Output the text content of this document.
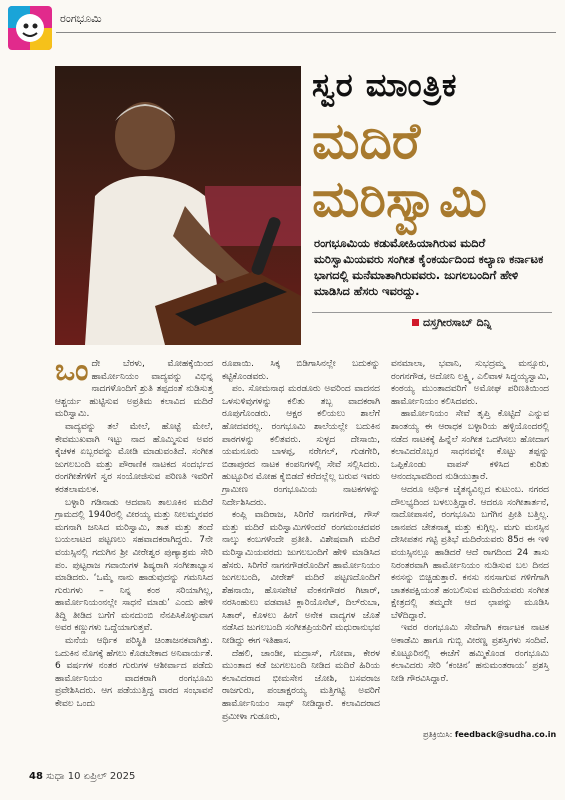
ರಂಗಭೂಮಿ
ಸ್ವರ ಮಾಂತ್ರಿಕ
ಮದಿರೆ
ಮರಿಸ್ವಾಮಿ
ರಂಗಭೂಮಿಯ ಕಡುಮೋಹಿಯಾಗಿರುವ ಮದಿರೆ ಮರಿಸ್ವಾಮಿಯವರು ಸಂಗೀತ ಕೈಂಕರ್ಯದಿಂದ ಕಲ್ಯಾಣ ಕರ್ನಾಟಕ ಭಾಗದಲ್ಲಿ ಮನೆಮಾತಾಗಿರುವವರು. ಜುಗಲಬಂದಿಗೆ ಹೇಳಿ ಮಾಡಿಸಿದ ಹೆಸರು ಇವರದ್ದು.
ದಸ್ತಗೀರಸಾಬ್ ದಿನ್ನಿ

ಒಂದೇ ಬೆರಳು, ಮೋಹಕ್ಕೆಯಿಂದ ಹಾರ್ಮೋನಿಯಂ ವಾದ್ಯವನ್ನು ವಿಭಿನ್ನ ನಾದಗಳೊಂದಿಗೆ ಶ್ರುತಿ ತಪ್ಪದಂತೆ ನುಡಿಸುತ್ತ ಆಶ್ಚರ್ಯ ಹುಟ್ಟಿಸುವ ಅಪ್ರತಿಮ ಕಲಾವಿದ ಮದಿರೆ ಮರಿಸ್ವಾಮಿ.

ವಾದ್ಯವನ್ನು ತಲೆ ಮೇಲೆ, ಹೊಟ್ಟೆ ಮೇಲೆ, ಕೇವಮುಖವಾಗಿ ಇಟ್ಟು ನಾದ ಹೊಮ್ಮಿಸುವ ಅವರ ಕೈಚಳಕ ಏಬ್ಬರವನ್ನು ಮೋಡಿ ಮಾಡುವಂತಿದೆ. ಸಂಗೀತ ಜುಗಲಬಂದಿ ಮತ್ತು ಪೌರಾಣಿಕ ನಾಟಕದ ಸಂದರ್ಭದ ರಂಗಗೀತೆಗಳಿಗೆ ಸ್ವರ ಸಂಯೋಜಿಸುವ ಪರಿಣತಿ ಇವರಿಗೆ ಕರತಲಾಮಲಕ.

ಬಳ್ಳಾರಿ ಗಡಿನಾಡು ಆದವಾನಿ ತಾಲೂಕಿನ ಮದಿರೆ ಗ್ರಾಮದಲ್ಲಿ 1940ರಲ್ಲಿ ವೀರಯ್ಯ ಮತ್ತು ನೀಲಮ್ಮನವರ ಮಗನಾಗಿ ಜನಿಸಿದ ಮರಿಸ್ವಾಮಿ, ತಾತ ಮತ್ತು ತಂದೆ ಬಯಲಾಟದ ಪಟ್ಟಣಲು ಸಹವಾದಕರಾಗಿದ್ದರು. 7ನೇ ವಯಸ್ಸಿನಲ್ಲಿ ಗದುಗಿನ ಶ್ರೀ ವೀರೇಶ್ವರ ಪುಣ್ಯಾಶ್ರಮ ಸೇರಿ ಪಂ. ಪುಟ್ಟರಾಜ ಗವಾಯಿಗಳ ಶಿಷ್ಯರಾಗಿ ಸಂಗೀತಾಭ್ಯಾಸ ಮಾಡಿದರು. ‘ಒಮ್ಮೆ ನಾನು ಹಾಡುವುದನ್ನು ಗಮನಿಸಿದ ಗುರುಗಳು – ನಿನ್ನ ಕಂಠ ಸರಿಯಾಗಿಲ್ಲ, ಹಾರ್ಮೋನಿಯಂನಲ್ಲೇ ಸಾಧನೆ ಮಾಡು’ ಎಂದು ಹೇಳಿ ತಿದ್ದಿ ತೀಡಿದ ಬಗೆಗೆ ಮನದುಂಬಿ ನೆನಪಿಸಿಕೊಳ್ಳುವಾಗ ಅವರ ಕಣ್ಣುಗಳು ಒದ್ದೆಯಾಗುತ್ತವೆ.

ಮನೆಯ ಆರ್ಥಿಕ ಪರಿಸ್ಥಿತಿ ಚಿಂತಾಜನಕವಾಗಿತ್ತು. ಒದುಕಿನ ನೊಗಕ್ಕೆ ಹೆಗಲು ಕೊಡಬೇಕಾದ ಅನಿವಾರ್ಯತೆ. 6 ವರ್ಷಗಳ ನಂತರ ಗುರುಗಳ ಆಶೀರ್ವಾದ ಪಡೆದು ಹಾರ್ಮೋನಿಯಂ ವಾದಕರಾಗಿ ರಂಗಭೂಮಿ ಪ್ರವೇಶಿಸಿದರು. ಆಗ ಪಡೆಯುತ್ತಿದ್ದ ವಾರದ ಸಂಭಾವನೆ ಕೇವಲ ಒಂದು

ರೂಪಾಯಿ. ಸಿಕ್ಕ ಬಿಡಿಗಾಸಿನಲ್ಲೇ ಬದುಕನ್ನು ಕಟ್ಟಿಕೊಂಡವರು.

ಪಂ. ಸೋಮನಾಥ ಮರಡೂರು ಅವರಿಂದ ವಾದನದ ಒಳಸುಳಿವುಗಳನ್ನು ಕಲಿತು ತಬ್ಬ ವಾದಕರಾಗಿ ರೂಪುಗೊಂಡರು. ಆಕ್ಷರ ಕಲಿಯಲು ಶಾಲೆಗೆ ಹೋದವರಲ್ಲ. ರಂಗಭೂಮಿ ಶಾಲೆಯಲ್ಲೇ ಬದುಕಿನ ಪಾಠಗಳನ್ನು ಕಲಿತವರು. ಸುಳ್ಳದ ದೇಸಾಯಿ, ಯಮನೂರು ಬಾಳಪ್ಪ, ನರೇಗಲ್, ಗುಡಗೇರಿ, ಬಿಡಾಪುರದ ನಾಟಕ ಕಂಪನಿಗಳಲ್ಲಿ ಸೇವೆ ಸಲ್ಲಿಸಿದರು. ಹುಟ್ಟೂರಿನ ಮೋಹ ಕೈಬಿಡದೆ ಕರೆದಲ್ಲೆಲ್ಲ ಬರುವ ಇವರು ಗ್ರಾಮೀಣ ರಂಗಭೂಮಿಯ ನಾಟಕಗಳನ್ನು ನಿರ್ದೇಶಿಸಿದರು.

ಕಂಪ್ಲಿ ವಾದಿರಾಜ, ಸಿರಿಗೆರೆ ನಾಗನಗೌಡ, ಗೌಸ್ ಮತ್ತು ಮದಿರೆ ಮರಿಸ್ವಾಮಿಗಳಿಂದರೆ ರಂಗಮಂಚದವರ ನಾಲ್ಕು ಕಂಬಗಳೆಂದೇ ಪ್ರತೀತಿ. ವಿಶೇಷವಾಗಿ ಮದಿರೆ ಮರಿಸ್ವಾಮಿಯವರದು ಜುಗಲಬಂದಿಗೆ ಹೇಳಿ ಮಾಡಿಸಿದ ಹೆಸರು. ಸಿರಿಗೆರೆ ನಾಗನಗೌಡರೊಂದಿಗೆ ಹಾರ್ಮೋನಿಯಂ ಜುಗಲಬಂದಿ, ವೀರೇಶ್ ಮದಿರೆ ಪಟ್ಟಣದೊಂದಿಗೆ ಶೆಹನಾಯಿ, ಹೊಸಪೇಟೆ ವೆಂಕನಗೌಡರ ಗಿಟಾರ್, ನರಸಿಂಹುಲು ವಡವಾಟಿ ಕ್ಲಾರಿಯೊನೆಟ್, ದಿಲ್‌ರುಬಾ, ಸಿತಾರ್, ಕೊಳಲು ಹೀಗೆ ಅನೇಕ ವಾದ್ಯಗಳ ಜೊತೆ ನಡೆಸಿದ ಜುಗಲಬಂದಿ ಸಂಗೀತಪ್ರಿಯರಿಗೆ ಮಧುರಾನುಭವ ನೀಡಿದ್ದು ಈಗ ಇತಿಹಾಸ.

ದೆಹಲಿ, ಚಾಂಡೀ, ಮದ್ರಾಸ್, ಗೋವಾ, ಕೇರಳ ಮುಂತಾದ ಕಡೆ ಜುಗಲಬಂದಿ ನೀಡಿದ ಮದಿರೆ ಹಿರಿಯ ಕಲಾವಿದರಾದ ಭೀಮಸೇನ ಜೋಶಿ, ಬಸವರಾಜ ರಾಜಗುರು, ಪಂಚಾಕ್ಷರಯ್ಯ ಮತ್ತಿಗಟ್ಟಿ ಅವರಿಗೆ ಹಾರ್ಮೋನಿಯಂ ಸಾಥ್ ನೀಡಿದ್ದಾರೆ. ಕಲಾವಿದರಾದ ಪ್ರಮೀಳಾ ಗುಡೂರು,

ವನಮಾಲಾ, ಭವಾನಿ, ಸುಭದ್ರಮ್ಮ ಮನ್ಸೂರು, ರಂಗನಗೌಡ, ಅದೋನಿ ಲಕ್ಷ್ಮಿ, ಎಲಿವಾಳ ಸಿದ್ದಯ್ಯಸ್ವಾಮಿ, ಕಂಠಯ್ಯ ಮುಂತಾದವರಿಗೆ ಅಮೋಘ ಪರಿಣತಿಯಿಂದ ಹಾರ್ಮೋನಿಯಂ ಕಲಿಸಿದವರು.

ಹಾರ್ಮೋನಿಯಂ ಸೇವೆ ತೃಪ್ತಿ ಕೊಟ್ಟಿದೆ ಎನ್ನುವ ಶಾಂತಯ್ಯ ಈ ಆರಾಧಕ ಬಳ್ಳಾರಿಯ ಹಳ್ಳಿಯೊಂದರಲ್ಲಿ ನಡೆದ ನಾಟಕಕ್ಕೆ ಹಿನ್ನೆಲೆ ಸಂಗೀತ ಒದಗಿಸಲು ಹೋದಾಗ ಕಲಾವಿದರೊಬ್ಬರ ಸಾಧನವನ್ನೇ ಕೊಟ್ಟು ತಪ್ಪನ್ನು ಒಪ್ಪಿಕೊಂಡು ವಾಪಸ್ ಕಳಿಸಿದ ಕುರಿತು ಆನಂದಭಾವದಿಂದ ನುಡಿಯುತ್ತಾರೆ.

ಆದರೂ ಆರ್ಥಿಕ ಚೈತನ್ಯವಿಲ್ಲದ ಕುಟುಂಬ. ನಗರದ ದೌಲಭ್ಯದಿಂದ ಬಳಲುತ್ತಿದ್ದಾರೆ. ಆದರೂ ಸಂಗೀತಾರ್ತನೆ, ನಾದೋಪಾಸನೆ, ರಂಗಭೂಮಿ ಬಗೆಗಿನ ಪ್ರೀತಿ ಬತ್ತಿಲ್ಲ. ಜಾನಪದ ಚೇತನಾತ್ಮ ಮತ್ತು ಕುಗ್ಗಿಲ್ಲ. ಮಗು ಮನಸ್ಸಿನ ದೇಸೀಪತನ ಗಟ್ಟಿ ಪ್ರತಿಭೆ ಮದಿರೆಯವರು 85ರ ಈ ಇಳಿ ವಯಸ್ಸಿನಲ್ಲೂ ಹಾಡಿದರೆ ಆದೆ ರಾಗದಿಂದ 24 ತಾಸು ನಿರಂತರವಾಗಿ ಹಾರ್ಮೋನಿಯಂ ನುಡಿಸುವ ಬಲ ದಿನದ ಕನಸನ್ನು ಬಿಚ್ಚಿಡುತ್ತಾರೆ. ಕನಸು ನನಸಾಗುವ ಗಳಿಗೆಗಾಗಿ ಚಾತಕಪಕ್ಷಿಯಂತೆ ಹಂಬಲಿಸುವ ಮದಿರೆಯವರು ಸಂಗೀತ ಕ್ಷೇತ್ರದಲ್ಲಿ ತಮ್ಮದೇ ಆದ ಛಾಪನ್ನು ಮೂಡಿಸಿ ಬೆಳೆದಿದ್ದಾರೆ.

ಇವರ ರಂಗಭೂಮಿ ಸೇವೆಗಾಗಿ ಕರ್ನಾಟಕ ನಾಟಕ ಅಕಾಡೆಮಿ ಹಾಗೂ ಗುಬ್ಬಿ ವೀರಣ್ಣ ಪ್ರಶಸ್ತಿಗಳು ಸಂದಿವೆ. ಕೊಟ್ಟೂರಿನಲ್ಲಿ ಈಚೆಗೆ ಹಮ್ಮಿಕೊಂಡ ರಂಗಭೂಮಿ ಕಲಾವಿದರು ಸೇರಿ ‘ಕಂಚಿನ’ ಹನುಮಂತರಾಯ’ ಪ್ರಶಸ್ತಿ ನೀಡಿ ಗೌರವಿಸಿದ್ದಾರೆ.

ಪ್ರತಿಕ್ರಿಯಿಸಿ: feedback@sudha.co.in
48 ಸುಧಾ 10 ಏಪ್ರಿಲ್ 2025
